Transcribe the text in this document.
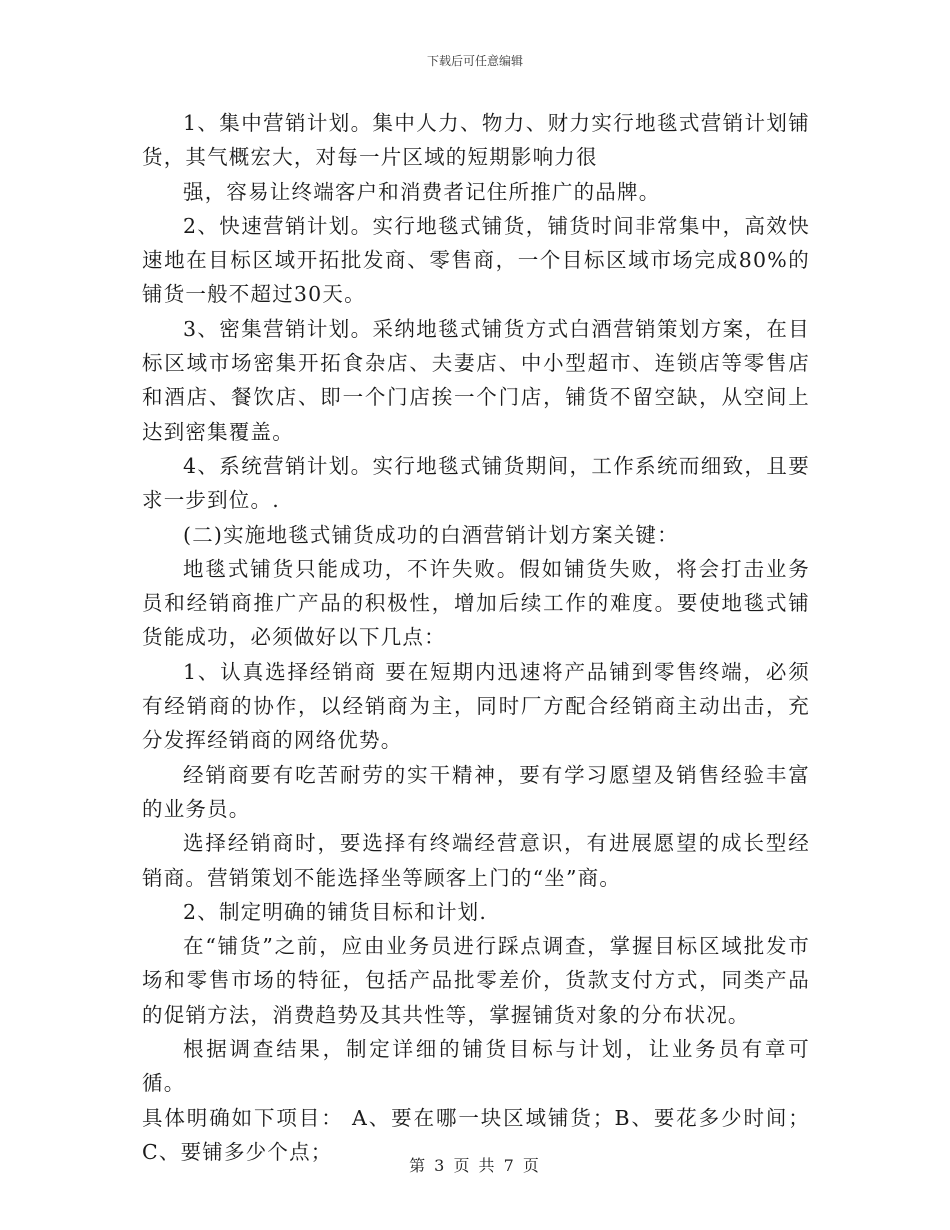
下载后可任意编辑

1、集中营销计划。集中人力、物力、财力实行地毯式营销计划铺货，其气概宏大，对每一片区域的短期影响力很

强，容易让终端客户和消费者记住所推广的品牌。

2、快速营销计划。实行地毯式铺货，铺货时间非常集中，高效快速地在目标区域开拓批发商、零售商，一个目标区域市场完成80%的铺货一般不超过30天。

3、密集营销计划。采纳地毯式铺货方式白酒营销策划方案，在目标区域市场密集开拓食杂店、夫妻店、中小型超市、连锁店等零售店和酒店、餐饮店、即一个门店挨一个门店，铺货不留空缺，从空间上达到密集覆盖。

4、系统营销计划。实行地毯式铺货期间，工作系统而细致，且要求一步到位。.

(二)实施地毯式铺货成功的白酒营销计划方案关键：

地毯式铺货只能成功，不许失败。假如铺货失败，将会打击业务员和经销商推广产品的积极性，增加后续工作的难度。要使地毯式铺货能成功，必须做好以下几点：

1、认真选择经销商 要在短期内迅速将产品铺到零售终端，必须有经销商的协作，以经销商为主，同时厂方配合经销商主动出击，充分发挥经销商的网络优势。

经销商要有吃苦耐劳的实干精神，要有学习愿望及销售经验丰富的业务员。

选择经销商时，要选择有终端经营意识，有进展愿望的成长型经销商。营销策划不能选择坐等顾客上门的“坐”商。

2、制定明确的铺货目标和计划.

在“铺货”之前，应由业务员进行踩点调查，掌握目标区域批发市场和零售市场的特征，包括产品批零差价，货款支付方式，同类产品的促销方法，消费趋势及其共性等，掌握铺货对象的分布状况。

根据调查结果，制定详细的铺货目标与计划，让业务员有章可循。

具体明确如下项目： A、要在哪一块区域铺货；B、要花多少时间；C、要铺多少个点；

第 3 页 共 7 页
